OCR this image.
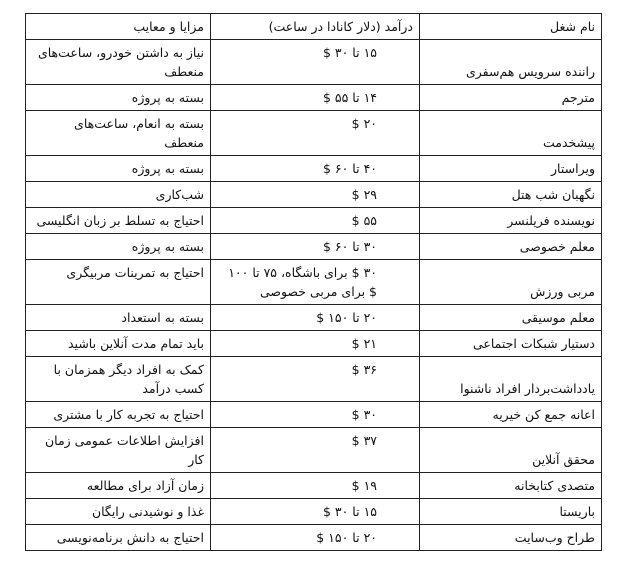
نام شغل	درآمد (دلار کانادا در ساعت)	مزایا و معایب
راننده سرویس هم‌سفری	۱۵ تا ۳۰ $	نیاز به داشتن خودرو، ساعت‌های منعطف
مترجم	۱۴ تا ۵۵ $	بسته به پروژه
پیشخدمت	۲۰ $	بسته به انعام، ساعت‌های منعطف
ویراستار	۴۰ تا ۶۰ $	بسته به پروژه
نگهبان شب هتل	۲۹ $	شب‌کاری
نویسنده فریلنسر	۵۵ $	احتیاج به تسلط بر زبان انگلیسی
معلم خصوصی	۳۰ تا ۶۰ $	بسته به پروژه
مربی ورزش	۳۰ $ برای باشگاه، ۷۵ تا ۱۰۰ $ برای مربی خصوصی	احتیاج به تمرینات مربیگری
معلم موسیقی	۲۰ تا ۱۵۰ $	بسته به استعداد
دستیار شبکات اجتماعی	۲۱ $	باید تمام مدت آنلاین باشید
یادداشت‌بردار افراد ناشنوا	۳۶ $	کمک به افراد دیگر همزمان با کسب درآمد
اعانه جمع کن خیریه	۳۰ $	احتیاج به تجربه کار با مشتری
محقق آنلاین	۳۷ $	افزایش اطلاعات عمومی زمان کار
متصدی کتابخانه	۱۹ $	زمان آزاد برای مطالعه
باریستا	۱۵ تا ۳۰ $	غذا و نوشیدنی رایگان
طراح وب‌سایت	۲۰ تا ۱۵۰ $	احتیاج به دانش برنامه‌نویسی
